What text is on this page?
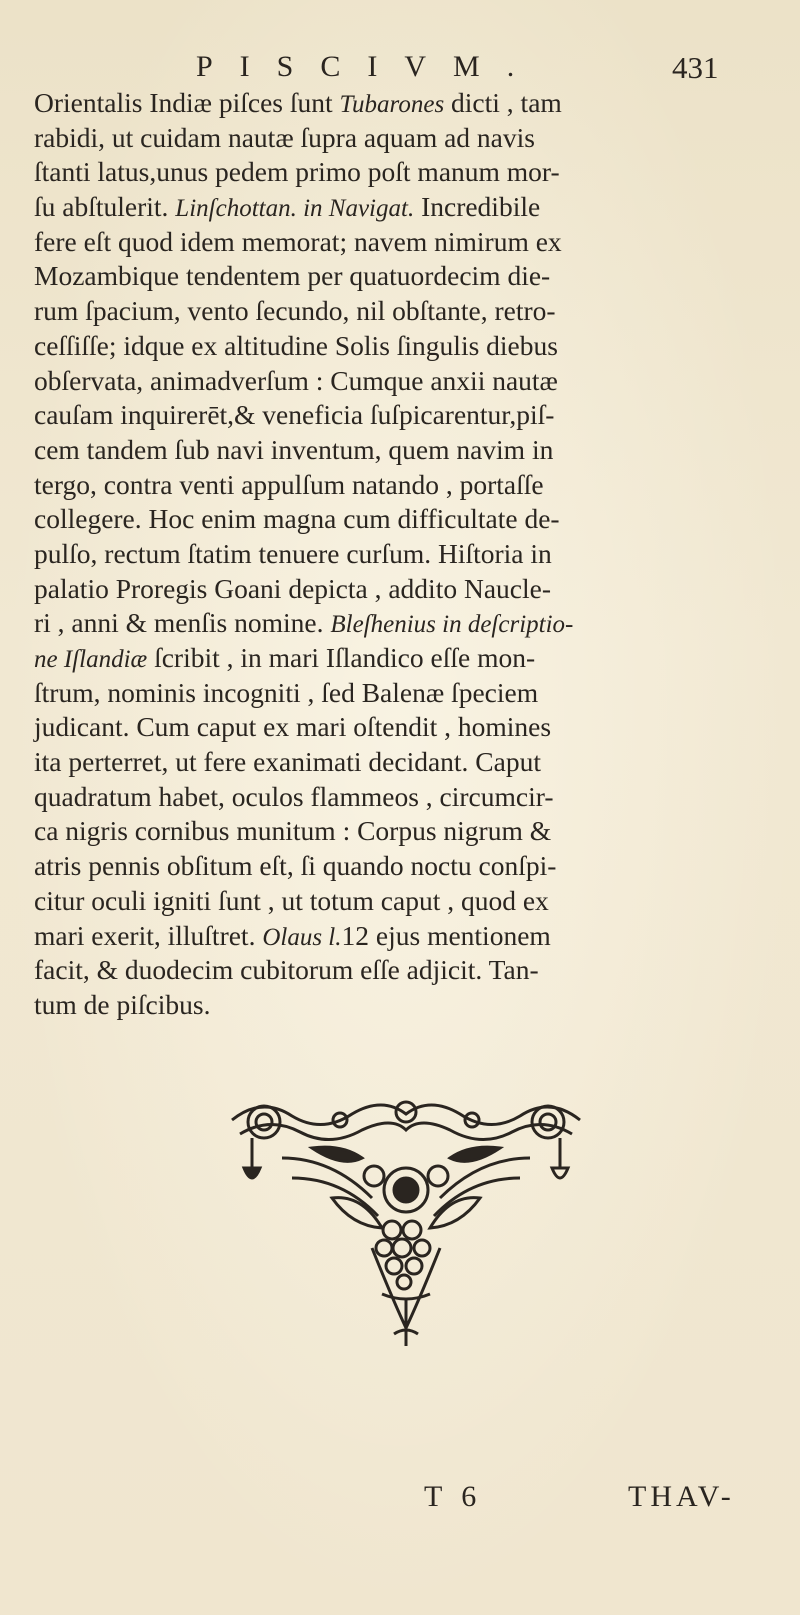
PISCIVM.	431
Orientalis Indiæ piſces ſunt Tubarones dicti , tam
rabidi, ut cuidam nautæ ſupra aquam ad navis
ſtanti latus,unus pedem primo poſt manum mor-
ſu abſtulerit. Linſchottan. in Navigat. Incredibile
fere eſt quod idem memorat; navem nimirum ex
Mozambique tendentem per quatuordecim die-
rum ſpacium, vento ſecundo, nil obſtante, retro-
ceſſiſſe; idque ex altitudine Solis ſingulis diebus
obſervata, animadverſum : Cumque anxii nautæ
cauſam inquirerēt,& veneficia ſuſpicarentur,piſ-
cem tandem ſub navi inventum, quem navim in
tergo, contra venti appulſum natando , portaſſe
collegere. Hoc enim magna cum difficultate de-
pulſo, rectum ſtatim tenuere curſum. Hiſtoria in
palatio Proregis Goani depicta , addito Naucle-
ri , anni & menſis nomine. Bleſhenius in deſcriptio-
ne Iſlandiæ ſcribit , in mari Iſlandico eſſe mon-
ſtrum, nominis incogniti , ſed Balenæ ſpeciem
judicant. Cum caput ex mari oſtendit , homines
ita perterret, ut fere exanimati decidant. Caput
quadratum habet, oculos flammeos , circumcir-
ca nigris cornibus munitum : Corpus nigrum &
atris pennis obſitum eſt, ſi quando noctu conſpi-
citur oculi igniti ſunt , ut totum caput , quod ex
mari exerit, illuſtret. Olaus l.12 ejus mentionem
facit, & duodecim cubitorum eſſe adjicit. Tan-
tum de piſcibus.
T 6	THAV-
